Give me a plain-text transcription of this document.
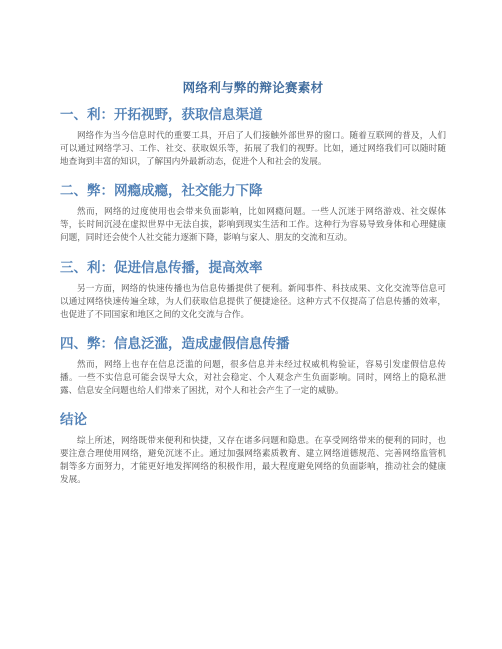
网络利与弊的辩论赛素材
一、利：开拓视野，获取信息渠道

网络作为当今信息时代的重要工具，开启了人们接触外部世界的窗口。随着互联网的普及，人们可以通过网络学习、工作、社交、获取娱乐等，拓展了我们的视野。比如，通过网络我们可以随时随地查询到丰富的知识，了解国内外最新动态，促进个人和社会的发展。

二、弊：网瘾成瘾，社交能力下降

然而，网络的过度使用也会带来负面影响，比如网瘾问题。一些人沉迷于网络游戏、社交媒体等，长时间沉浸在虚拟世界中无法自拔，影响到现实生活和工作。这种行为容易导致身体和心理健康问题，同时还会使个人社交能力逐渐下降，影响与家人、朋友的交流和互动。

三、利：促进信息传播，提高效率

另一方面，网络的快速传播也为信息传播提供了便利。新闻事件、科技成果、文化交流等信息可以通过网络快速传遍全球，为人们获取信息提供了便捷途径。这种方式不仅提高了信息传播的效率，也促进了不同国家和地区之间的文化交流与合作。

四、弊：信息泛滥，造成虚假信息传播

然而，网络上也存在信息泛滥的问题，很多信息并未经过权威机构验证，容易引发虚假信息传播。一些不实信息可能会误导大众，对社会稳定、个人观念产生负面影响。同时，网络上的隐私泄露、信息安全问题也给人们带来了困扰，对个人和社会产生了一定的威胁。

结论

综上所述，网络既带来便利和快捷，又存在诸多问题和隐患。在享受网络带来的便利的同时，也要注意合理使用网络，避免沉迷不止。通过加强网络素质教育、建立网络道德规范、完善网络监管机制等多方面努力，才能更好地发挥网络的积极作用，最大程度避免网络的负面影响，推动社会的健康发展。
